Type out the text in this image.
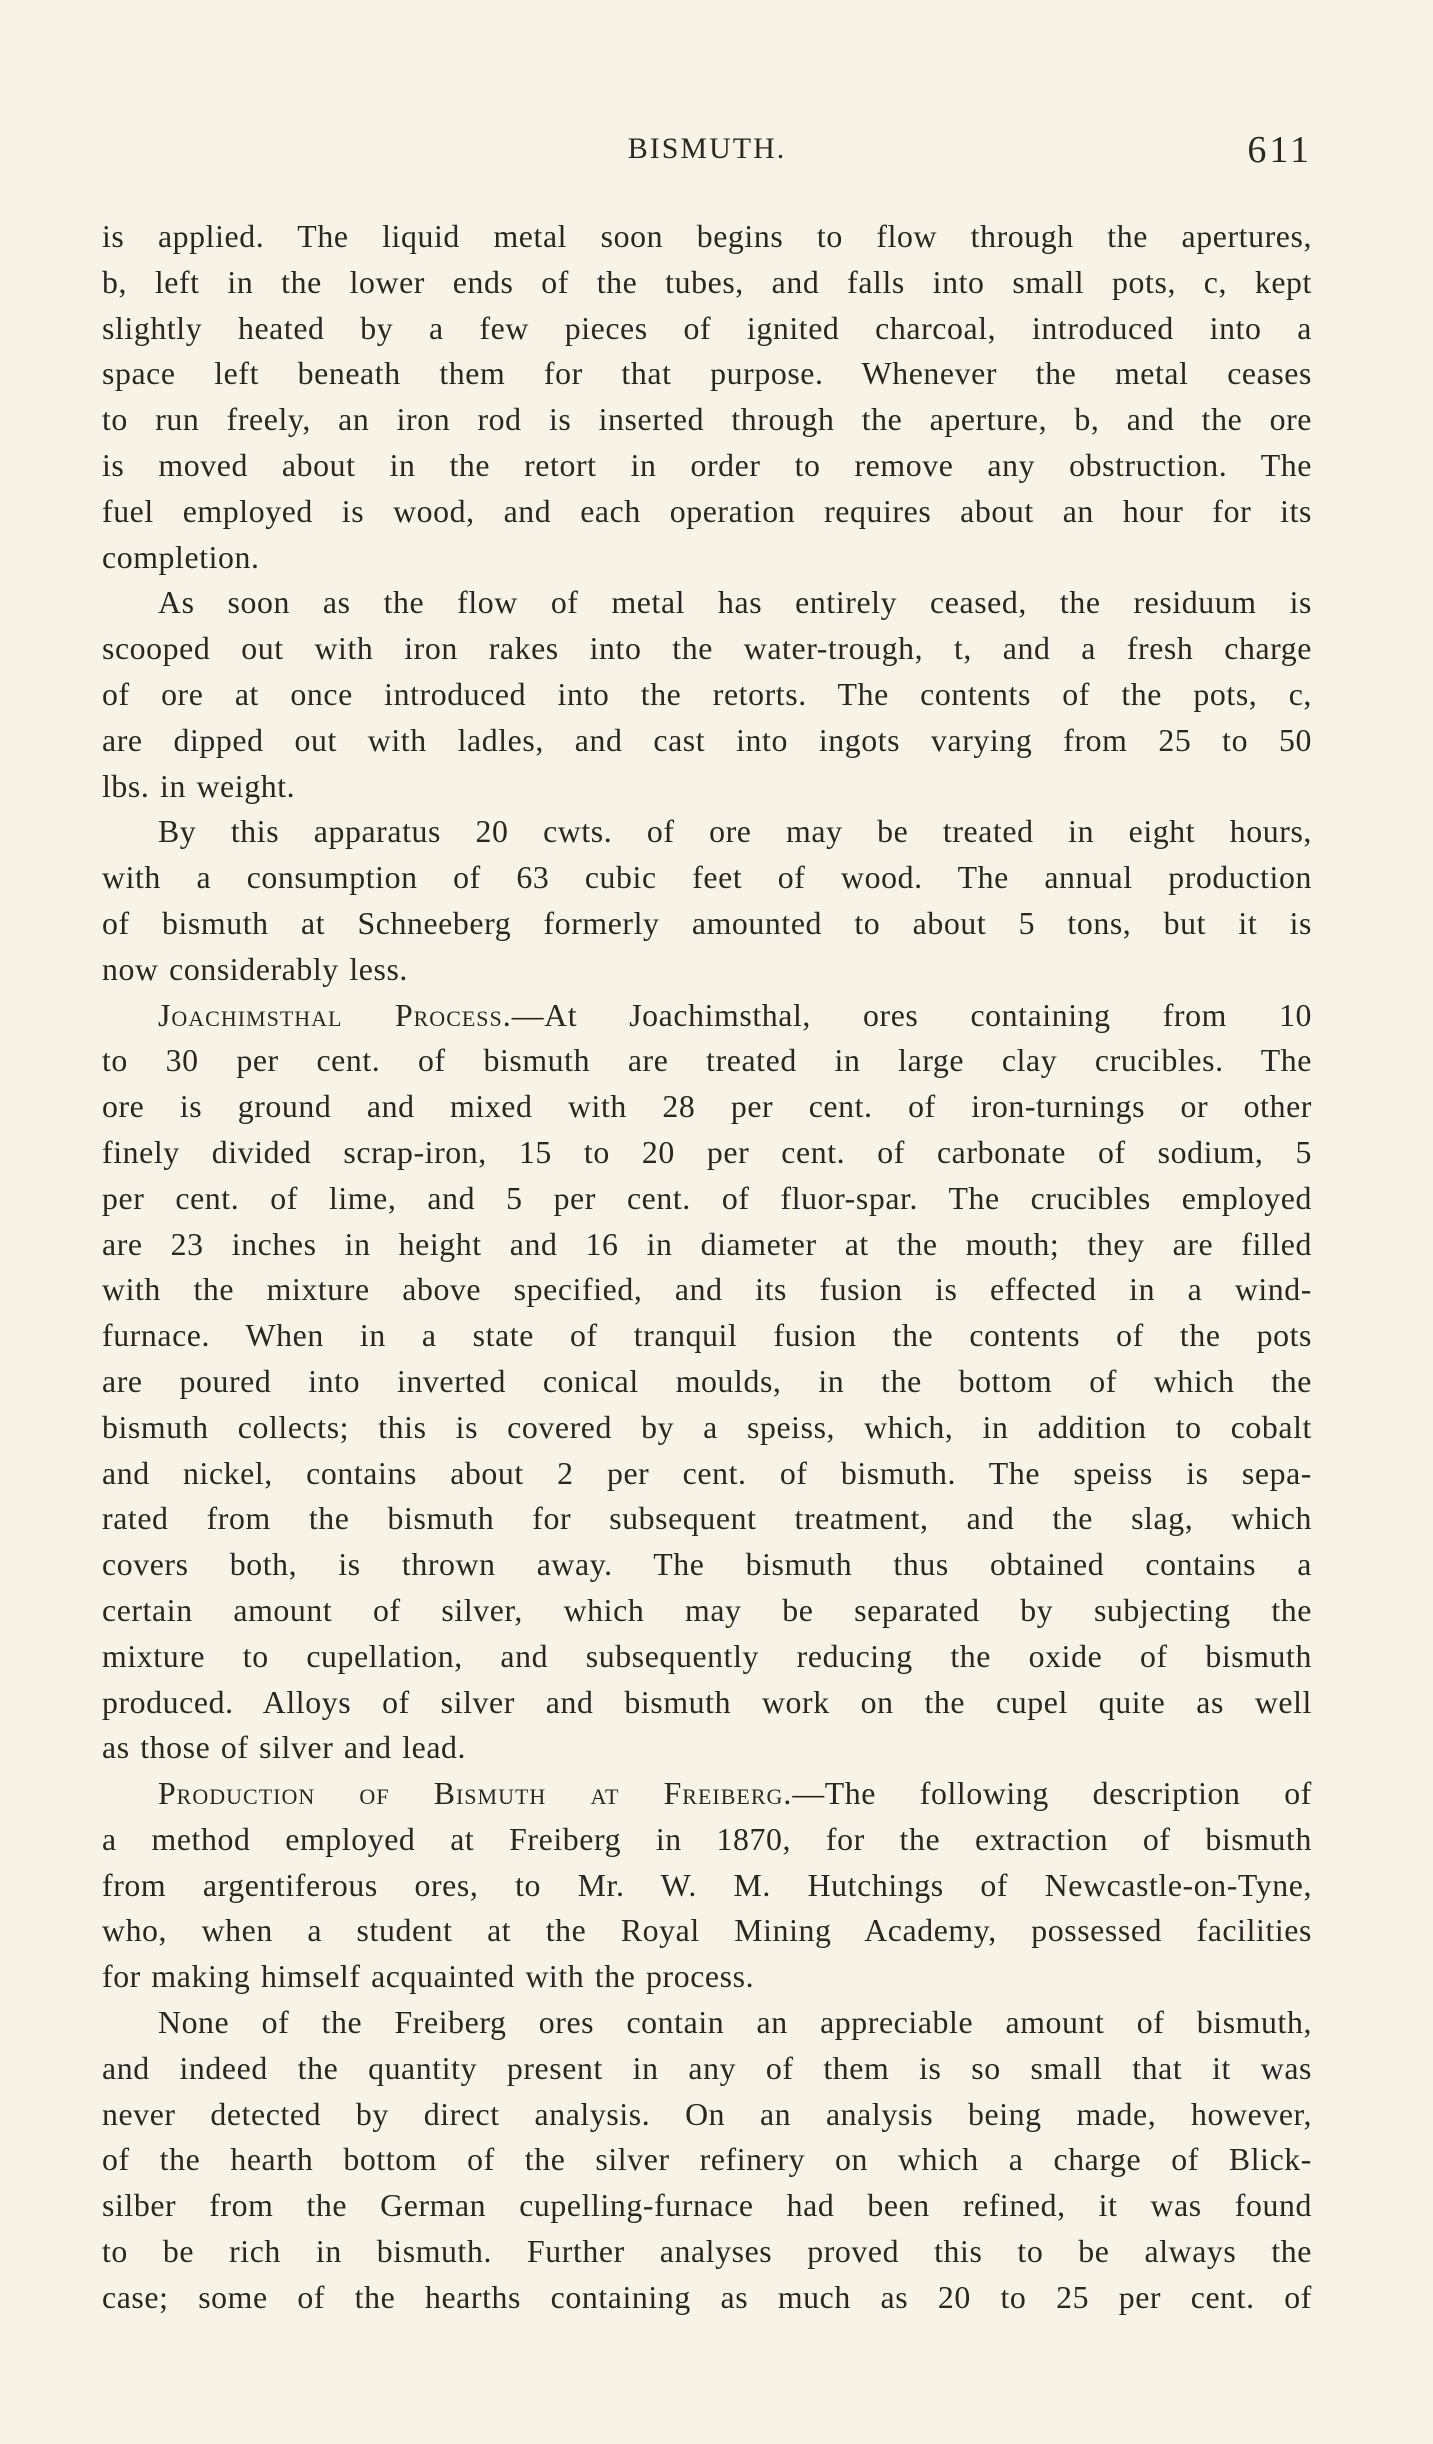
BISMUTH.	611

is applied. The liquid metal soon begins to flow through the apertures,
b, left in the lower ends of the tubes, and falls into small pots, c, kept
slightly heated by a few pieces of ignited charcoal, introduced into a
space left beneath them for that purpose. Whenever the metal ceases
to run freely, an iron rod is inserted through the aperture, b, and the ore
is moved about in the retort in order to remove any obstruction. The
fuel employed is wood, and each operation requires about an hour for its
completion.

As soon as the flow of metal has entirely ceased, the residuum is
scooped out with iron rakes into the water-trough, t, and a fresh charge
of ore at once introduced into the retorts. The contents of the pots, c,
are dipped out with ladles, and cast into ingots varying from 25 to 50
lbs. in weight.

By this apparatus 20 cwts. of ore may be treated in eight hours,
with a consumption of 63 cubic feet of wood. The annual production
of bismuth at Schneeberg formerly amounted to about 5 tons, but it is
now considerably less.

Joachimsthal Process.—At Joachimsthal, ores containing from 10
to 30 per cent. of bismuth are treated in large clay crucibles. The
ore is ground and mixed with 28 per cent. of iron-turnings or other
finely divided scrap-iron, 15 to 20 per cent. of carbonate of sodium, 5
per cent. of lime, and 5 per cent. of fluor-spar. The crucibles employed
are 23 inches in height and 16 in diameter at the mouth; they are filled
with the mixture above specified, and its fusion is effected in a wind-
furnace. When in a state of tranquil fusion the contents of the pots
are poured into inverted conical moulds, in the bottom of which the
bismuth collects; this is covered by a speiss, which, in addition to cobalt
and nickel, contains about 2 per cent. of bismuth. The speiss is sepa-
rated from the bismuth for subsequent treatment, and the slag, which
covers both, is thrown away. The bismuth thus obtained contains a
certain amount of silver, which may be separated by subjecting the
mixture to cupellation, and subsequently reducing the oxide of bismuth
produced. Alloys of silver and bismuth work on the cupel quite as well
as those of silver and lead.

Production of Bismuth at Freiberg.—The following description of
a method employed at Freiberg in 1870, for the extraction of bismuth
from argentiferous ores, to Mr. W. M. Hutchings of Newcastle-on-Tyne,
who, when a student at the Royal Mining Academy, possessed facilities
for making himself acquainted with the process.

None of the Freiberg ores contain an appreciable amount of bismuth,
and indeed the quantity present in any of them is so small that it was
never detected by direct analysis. On an analysis being made, however,
of the hearth bottom of the silver refinery on which a charge of Blick-
silber from the German cupelling-furnace had been refined, it was found
to be rich in bismuth. Further analyses proved this to be always the
case; some of the hearths containing as much as 20 to 25 per cent. of
